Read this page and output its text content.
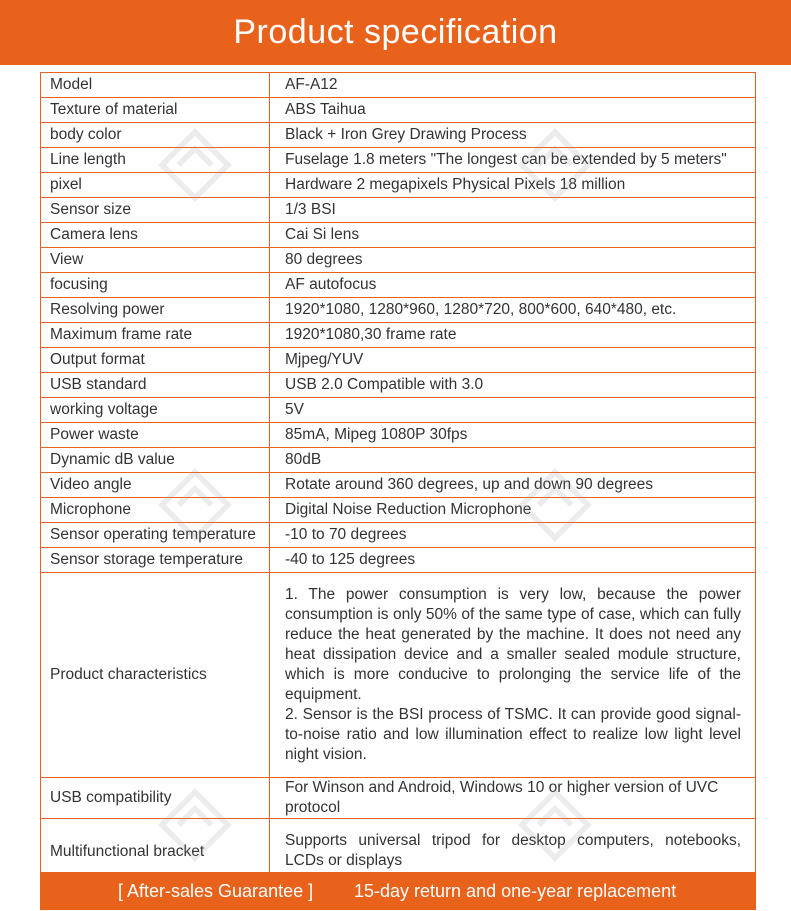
Product specification
Model	AF-A12
Texture of material	ABS Taihua
body color	Black + Iron Grey Drawing Process
Line length	Fuselage 1.8 meters "The longest can be extended by 5 meters"
pixel	Hardware 2 megapixels Physical Pixels 18 million
Sensor size	1/3 BSI
Camera lens	Cai Si lens
View	80 degrees
focusing	AF autofocus
Resolving power	1920*1080, 1280*960, 1280*720, 800*600, 640*480, etc.
Maximum frame rate	1920*1080,30 frame rate
Output format	Mjpeg/YUV
USB standard	USB 2.0 Compatible with 3.0
working voltage	5V
Power waste	85mA, Mipeg 1080P 30fps
Dynamic dB value	80dB
Video angle	Rotate around 360 degrees, up and down 90 degrees
Microphone	Digital Noise Reduction Microphone
Sensor operating temperature	-10 to 70 degrees
Sensor storage temperature	-40 to 125 degrees
Product characteristics	1. The power consumption is very low, because the power consumption is only 50% of the same type of case, which can fully reduce the heat generated by the machine. It does not need any heat dissipation device and a smaller sealed module structure, which is more conducive to prolonging the service life of the equipment.
2. Sensor is the BSI process of TSMC. It can provide good signal-to-noise ratio and low illumination effect to realize low light level night vision.
USB compatibility	For Winson and Android, Windows 10 or higher version of UVC protocol
Multifunctional bracket	Supports universal tripod for desktop computers, notebooks, LCDs or displays
[ After-sales Guarantee ] 15-day return and one-year replacement
